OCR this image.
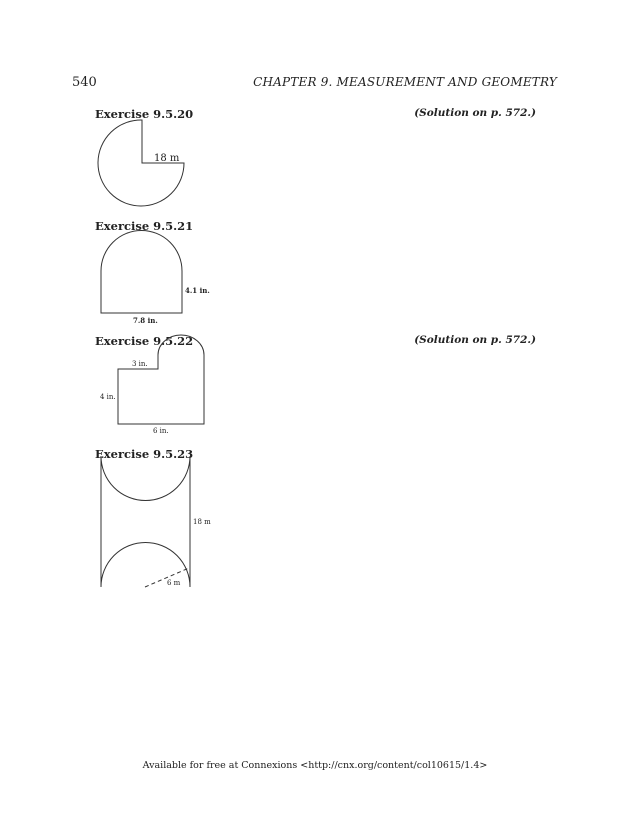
540	CHAPTER 9. MEASUREMENT AND GEOMETRY
Exercise 9.5.20	(Solution on p. 572.)
18 m
Exercise 9.5.21
4.1 in.
7.8 in.
Exercise 9.5.22	(Solution on p. 572.)
3 in.
4 in.
6 in.
Exercise 9.5.23
18 m
6 m
Available for free at Connexions <http://cnx.org/content/col10615/1.4>
